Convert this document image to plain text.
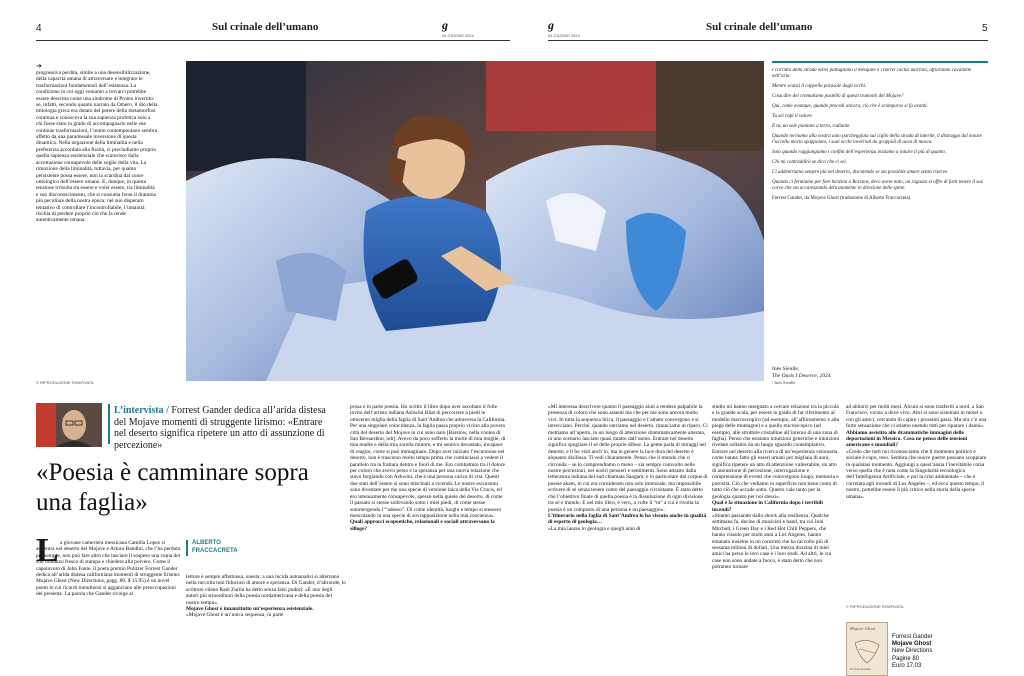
4	Sul crinale dell’umano	g
04 GIUGNO 2024
g
04 GIUGNO 2024
Sul crinale dell’umano	5
➔
progressiva perdita, simile a una desensibilizzazione, della capacità umana di attraversare e integrare le trasformazioni fondamentali dell’esistenza. La condizione in cui oggi veniamo a trovarci potrebbe essere descritta come una sindrome di Proteo invertito: se, infatti, secondo quanto narrato da Omero, il dio della mitologia greca era dotato del potere della metamorfosi continua e conosceva la sua sapienza profetica solo a chi fosse stato in grado di accompagnarlo nelle sue continue trasformazioni, l’uomo contemporaneo sembra affetto da una paradossale inversione di questa dinamica. Nella negazione della liminalità e nella preferenza accordata alla fissità, ci precludiamo proprio quella sapienza esistenziale che scaturisce dalla accettazione consapevole delle soglie della vita. La rimozione della liminalità, tuttavia, per quanto persistente possa essere, non la scardina dal cuore ontologico dell’essere umano. E, dunque, in questa tensione irrisolta tra essere e voler essere, tra liminalità e suo disconoscimento, che si consuma forse il dramma più peculiare della nostra epoca: nel suo disperato tentativo di controllare l’incontrollabile, l’umanità rischia di perdere proprio ciò che la rende autenticamente umana.
© RIPRODUZIONE RISERVATA
Inès Sieulle,
The Oasis I Deserve, 2024
/ Inès Sieulle

I corridoi della strada estivi pattugliano il mesquite e i barrel cactus marroni, affiorando cavallette nell’aria.

Mentre scansi il cappello parasole dagli occhi.

Cosa dire del cromatismo pastello di questi tramonti del Mojave?

Qui, come ovunque, quando procedi ancora, ciò che è scomparso si fa avanti.

Tu sei capì il valore.

E tu, un sole piantato a terra, radiante.

Quando torniamo alla nostra auto parcheggiata sul ciglio della strada di laterite, ti distraggo dal notare l’uccello morto spappolato, i suoi occhi invetriati da grappoli di uova di mosca.

Solo quando raggiungiamo i confini dell’esperienza iniziamo a intuire il più di quanto.

Chi mi contraddirà se dico che ci sei.

Ci addentriamo sempre più nel deserto, discutendo se sia possibile amare senza riserve.

Quando ci fermiamo per fare benzina a Barstow, devo avere nato, un ragazzo si offre di farti tenere il suo corvo che sta accarezzando delicatamente in direzione delle spine.

Forrest Gander, da Mojave Ghost (traduzione di Alberto Fraccacreta)

L’intervista / Forrest Gander dedica all’arida distesa del Mojave momenti di struggente lirismo: «Entrare nel deserto significa ripetere un atto di assunzione di percezione»
«Poesia è camminare sopra una faglia»
L a giovane cameriera messicana Camilla Lopez si addentra nel deserto del Mojave e Arturo Bandini, che l’ha perduta per sempre, non può fare altro che lasciare il sospeso una copia del suo romanzo fresco di stampa e chiedere alla polvere. Come il capolavoro di John Fante, il poeta premio Pulitzer Forrest Gander dedica all’arida distesa californiana momenti di struggente lirismo: Mojave Ghost (New Directions, pagg. 80, $ 15.95) è un novel poem in cui ricordi tumultuosi si agganciano alle preoccupazioni del presente. La parola che Gander rivolge al

ALBERTO
FRACCACRETA

lettore è sempre affettuosa, onesta: a una lucida autoanalisi si alternano nella raccolta toni fiduciosi di amore e speranza. Di Gander, d’altronde, lo scrittore cileno Raúl Zurita ha detto senza falsi pudori: «È uno degli autori più straordinari della poesia nordamericana e della poesia del nostro tempo».

Mojave Ghost è innanzitutto un’esperienza esistenziale.

«Mojave Ghost è un’unica sequenza, in parte

prosa e in parte poesia. Ho scritto il libro dopo aver ascoltato il folle invito dell’artista indiana Ashwini Bhat di percorrere a piedi le ottocento miglia della faglia di Sant’Andrea che attraversa la California. Per una singolare coincidenza, la faglia passa proprio vicino alla povera città del deserto del Mojave in cui sono nato [Barstow, nella contea di San Bernardino, ndr]. Avevo da poco sofferto la morte di mia moglie, di mia madre e della mia sorella minore, e mi sentivo devastato, incapace di reagire, come si può immaginare. Dopo aver iniziato l’escursione nel deserto, non è trascorso molto tempo prima che cominciassi a vedere il parallelo tra la frattura dentro e fuori di me. Ero combattuto tra il dolore per coloro che avevo perso e la speranza per una nuova relazione che stavo forgiando con Ashwini, che è una persona carica di vita. Questi due stati dell’essere si sono mischiati a vicenda. Le nostre escursioni sono diventate per me una specie di versione laica della Via Crucis, ed ero intensamente consapevole, spesso nella quiete del deserto, di come il passato si stesse sollevando sotto i miei piedi, di come stesse sommergendo l’“adesso”. Di come identità, luoghi e tempo si stessero mescolando in una specie di sovrapposizione nella mia coscienza».

Quali approcci ecopoetiche, relazionali e sociali attraversano la silloge?

«Mi interessa descrivere quanto il paesaggio aiuti a rendere palpabile la presenza di coloro che sono assenti ma che per me sono ancora molto vivi. In tutta la sequenza lirica, il paesaggio e l’amato convergono e si intrecciano. Perché, quando entriamo nel deserto, rinunciamo al riparo. Ci mettiamo all’aperto, in un luogo di attenzione drammaticamente alterata, in uno scenario lasciato quasi intatto dall’uomo. Entrare nel deserto significa spogliare il sé delle proprie difese. La gente parla di miraggi nel deserto, e li ho visti anch’io, ma in genere la luce dura del deserto è alquanto disillusa. Ti vedi chiaramente. Penso che il mondo che ci circonda – se lo comprendiamo o meno – sia sempre coinvolto nelle nostre percezioni, nei nostri pensieri e sentimenti. Sono attratto dalla letteratura indiana del sud chiamata Sangam, e in particolare dal corpus di poesie akam, in cui era considerato non solo immorale, ma impossibile scrivere di sé senza tenere conto del paesaggio circostante. È stato detto che l’obiettivo finale di quella poesia è la dissoluzione di ogni divisione tra sé e mondo. E nel mio libro, è vero, a volte il “tu” a cui è rivolta la poesia è un composto di una persona e un paesaggio».

L’itinerario nella faglia di Sant’Andrea lo ha vissuto anche in qualità di esperto di geologia…

«La mia laurea in geologia e quegli anni di

studio mi hanno insegnato a cercare relazioni tra la piccola e la grande scala, per essere in grado di far riferimento al modello macroscopico (ad esempio, all’affioramento e alla piega delle montagne) e a quello microscopico (ad esempio, alle strutture cristalline all’interno di una zona di faglia). Penso che esistano intuizioni generiche e intuizioni rivelate soltanto da un lungo sguardo contemplativo. Entrare nel deserto alla ricerca di un’esperienza visionaria, come hanno fatto gli esseri umani per migliaia di anni, significa ripetere un atto di attenzione vulnerabile, un atto di assunzione di percezione, interrogazione e comprensione di eventi che coinvolgono luogo, memoria e porosità. Ciò che vediamo in superficie non tiene conto di tutto ciò che accade sotto. Questo vale tanto per la geologia quanto per noi stessi».

Qual è la situazione in California dopo i terribili incendi?

«Stiamo passando dallo shock alla resilienza. Qualche settimana fa, decine di musicisti e band, tra cui Joni Mitchell, i Green Day e i Red Hot Chili Peppers, che hanno vissuto per molti anni a Los Angeles, hanno emanato insieme in un concerto che ha raccolto più di sessanta milioni di dollari. Una mezza dozzina di miei amici ha perso le loro case e i loro studi. Ad altri, le cui case non sono andate a fuoco, è stato detto che non potranno tornare

ad abitarci per molti mesi. Alcuni si sono trasferiti a nord, a San Francisco, vicino a dove vivo. Altri si sono sistemati in motel o con gli amici, cercando di capire i prossimi passi. Ma ora c’è una forte sensazione che ci stiamo unendo tutti per riparare i danni».

Abbiamo assistito alle drammatiche immagini delle deportazioni in Messico. Cosa ne pensa delle tensioni americane e mondiali?

«Credo che tutti noi riconosciamo che il momento politico e sociale è cupo, teso. Sembra che nuove guerre possano scoppiare in qualsiasi momento. Aggiungi a quest’ansia l’inevitabile corsa verso quella che è nota come la Singolarità tecnologica dell’Intelligenza Artificiale, e poi la crisi ambientale – che è correlata agli incendi di Los Angeles –, ed ecco questo tempo, il nostro, potrebbe essere il più critico nella storia della specie umana».

© RIPRODUZIONE RISERVATA
Mojave Ghost
Forrest Gander
Forrest Gander
Mojave Ghost
New Directions
Pagine 80
Euro 17,03
